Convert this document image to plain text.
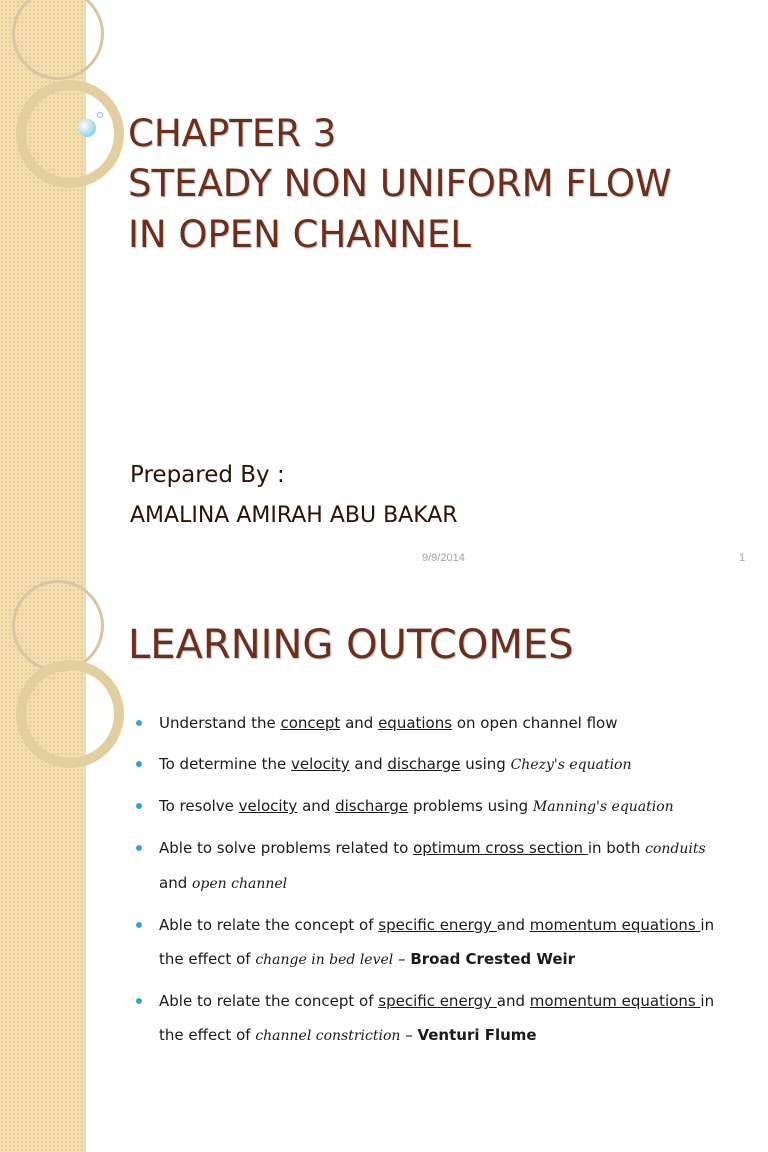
CHAPTER 3
STEADY NON UNIFORM FLOW
IN OPEN CHANNEL
Prepared By :
AMALINA AMIRAH ABU BAKAR
9/9/2014	1
LEARNING OUTCOMES
Understand the concept and equations on open channel flow
To determine the velocity and discharge using Chezy's equation
To resolve velocity and discharge problems using Manning's equation
Able to solve problems related to optimum cross section in both conduits and open channel
Able to relate the concept of specific energy and momentum equations in the effect of change in bed level – Broad Crested Weir
Able to relate the concept of specific energy and momentum equations in the effect of channel constriction – Venturi Flume
